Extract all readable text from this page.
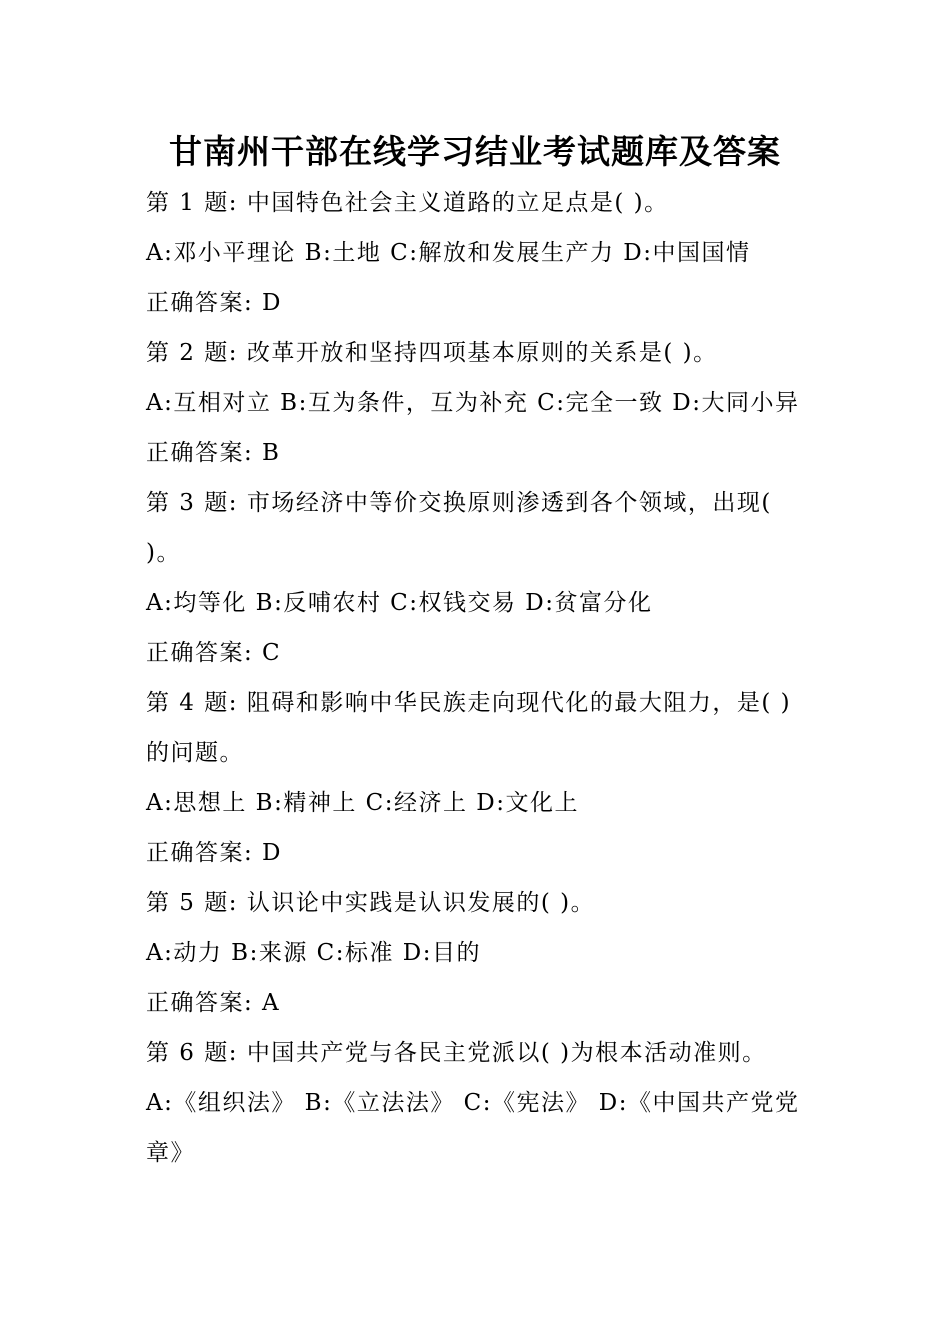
甘南州干部在线学习结业考试题库及答案
第 1 题: 中国特色社会主义道路的立足点是( )。
A:邓小平理论 B:土地 C:解放和发展生产力 D:中国国情
正确答案: D
第 2 题: 改革开放和坚持四项基本原则的关系是( )。
A:互相对立 B:互为条件，互为补充 C:完全一致 D:大同小异
正确答案: B
第 3 题: 市场经济中等价交换原则渗透到各个领域，出现( )。
A:均等化 B:反哺农村 C:权钱交易 D:贫富分化
正确答案: C
第 4 题: 阻碍和影响中华民族走向现代化的最大阻力，是( )的问题。
A:思想上 B:精神上 C:经济上 D:文化上
正确答案: D
第 5 题: 认识论中实践是认识发展的( )。
A:动力 B:来源 C:标准 D:目的
正确答案: A
第 6 题: 中国共产党与各民主党派以( )为根本活动准则。
A:《组织法》 B:《立法法》 C:《宪法》 D:《中国共产党党章》
